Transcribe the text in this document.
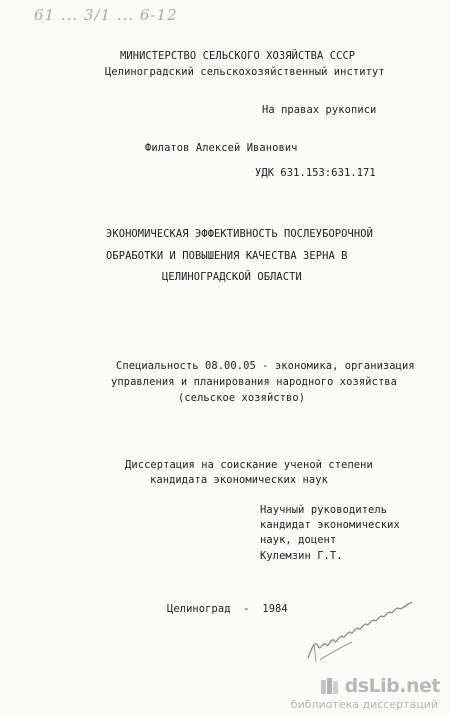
61 ... 3/1 ... 6-12
МИНИСТЕРСТВО СЕЛЬСКОГО ХОЗЯЙСТВА СССР
Целиноградский сельскохозяйственный институт
На правах рукописи
Филатов Алексей Иванович
УДК 631.153:631.171
ЭКОНОМИЧЕСКАЯ ЭФФЕКТИВНОСТЬ ПОСЛЕУБОРОЧНОЙ
ОБРАБОТКИ И ПОВЫШЕНИЯ КАЧЕСТВА ЗЕРНА В
ЦЕЛИНОГРАДСКОЙ ОБЛАСТИ
Специальность 08.00.05 - экономика, организация
управления и планирования народного хозяйства
(сельское хозяйство)
Диссертация на соискание ученой степени
кандидата экономических наук
Научный руководитель
кандидат экономических
наук, доцент
Кулемзин Г.Т.
Целиноград  -  1984
dsLib.net
библиотека диссертаций
